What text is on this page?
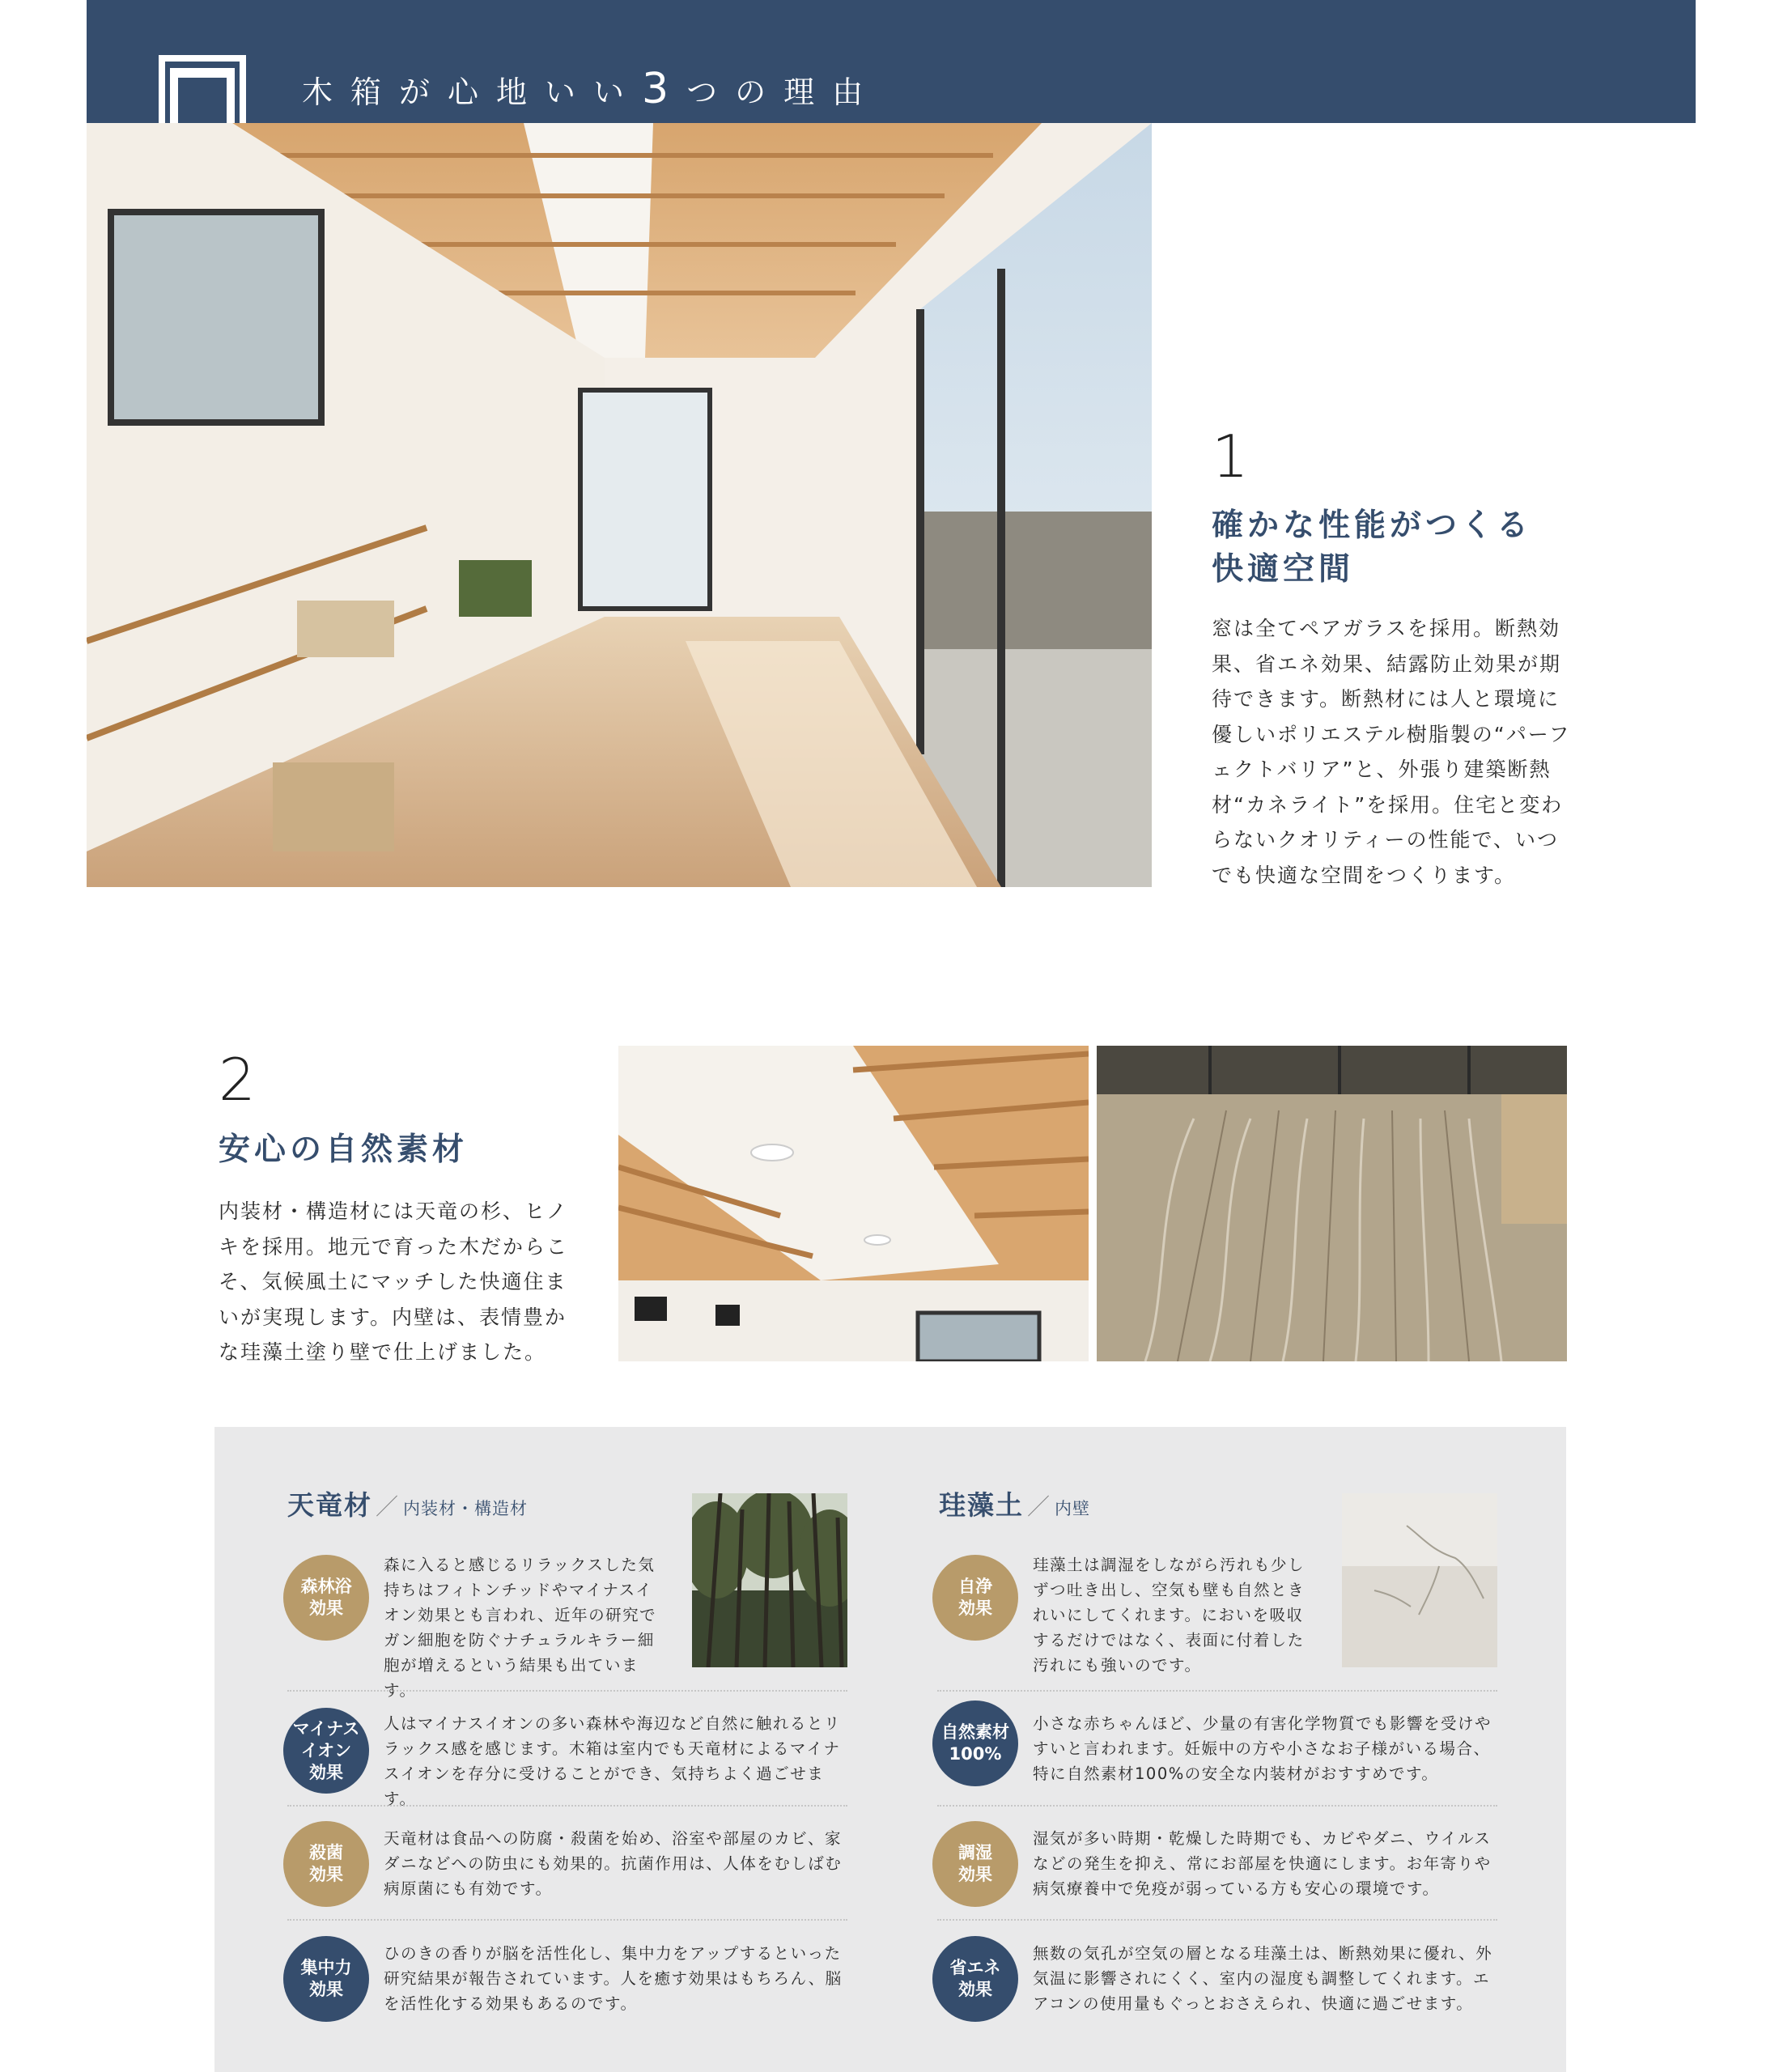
木箱が心地いい3つの理由
1
確かな性能がつくる
快適空間
窓は全てペアガラスを採用。断熱効果、省エネ効果、結露防止効果が期待できます。断熱材には人と環境に優しいポリエステル樹脂製の“パーフェクトバリア”と、外張り建築断熱材“カネライト”を採用。住宅と変わらないクオリティーの性能で、いつでも快適な空間をつくります。
2
安心の自然素材
内装材・構造材には天竜の杉、ヒノキを採用。地元で育った木だからこそ、気候風土にマッチした快適住まいが実現します。内壁は、表情豊かな珪藻土塗り壁で仕上げました。
天竜材 ／ 内装材・構造材
森林浴
効果
森に入ると感じるリラックスした気持ちはフィトンチッドやマイナスイオン効果とも言われ、近年の研究でガン細胞を防ぐナチュラルキラー細胞が増えるという結果も出ています。
マイナス
イオン
効果
人はマイナスイオンの多い森林や海辺など自然に触れるとリラックス感を感じます。木箱は室内でも天竜材によるマイナスイオンを存分に受けることができ、気持ちよく過ごせます。
殺菌
効果
天竜材は食品への防腐・殺菌を始め、浴室や部屋のカビ、家ダニなどへの防虫にも効果的。抗菌作用は、人体をむしばむ病原菌にも有効です。
集中力
効果
ひのきの香りが脳を活性化し、集中力をアップするといった研究結果が報告されています。人を癒す効果はもちろん、脳を活性化する効果もあるのです。
珪藻土 ／ 内壁
自浄
効果
珪藻土は調湿をしながら汚れも少しずつ吐き出し、空気も壁も自然ときれいにしてくれます。においを吸収するだけではなく、表面に付着した汚れにも強いのです。
自然素材
100%
小さな赤ちゃんほど、少量の有害化学物質でも影響を受けやすいと言われます。妊娠中の方や小さなお子様がいる場合、特に自然素材100%の安全な内装材がおすすめです。
調湿
効果
湿気が多い時期・乾燥した時期でも、カビやダニ、ウイルスなどの発生を抑え、常にお部屋を快適にします。お年寄りや病気療養中で免疫が弱っている方も安心の環境です。
省エネ
効果
無数の気孔が空気の層となる珪藻土は、断熱効果に優れ、外気温に影響されにくく、室内の湿度も調整してくれます。エアコンの使用量もぐっとおさえられ、快適に過ごせます。
